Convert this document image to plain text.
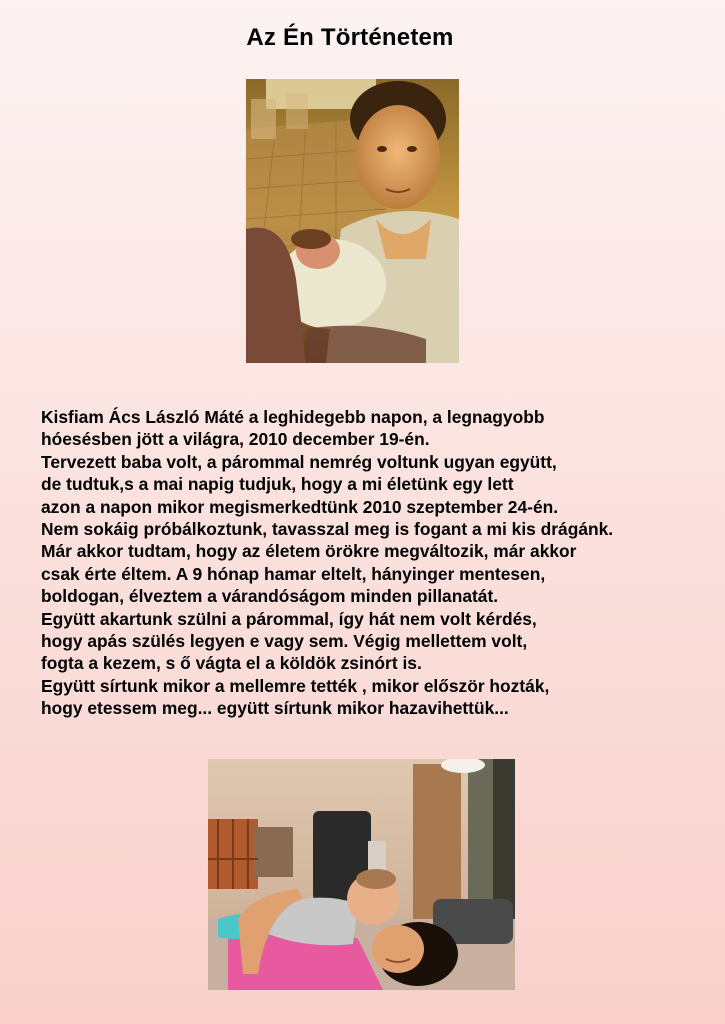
Az Én Történetem

Kisfiam Ács László Máté a leghidegebb napon, a legnagyobb
hóesésben jött a világra, 2010 december 19-én.
Tervezett baba volt, a párommal nemrég voltunk ugyan együtt,
de tudtuk,s a mai napig tudjuk, hogy a mi életünk egy lett
azon a napon mikor megismerkedtünk 2010 szeptember 24-én.
Nem sokáig próbálkoztunk, tavasszal meg is fogant a mi kis drágánk.
Már akkor tudtam, hogy az életem örökre megváltozik, már akkor
csak érte éltem. A 9 hónap hamar eltelt, hányinger mentesen,
boldogan, élveztem a várandóságom minden pillanatát.
Együtt akartunk szülni a párommal, így hát nem volt kérdés,
hogy apás szülés legyen e vagy sem. Végig mellettem volt,
fogta a kezem, s ő vágta el a köldök zsinórt is.
Együtt sírtunk mikor a mellemre tették , mikor először hozták,
hogy etessem meg... együtt sírtunk mikor hazavihettük...
